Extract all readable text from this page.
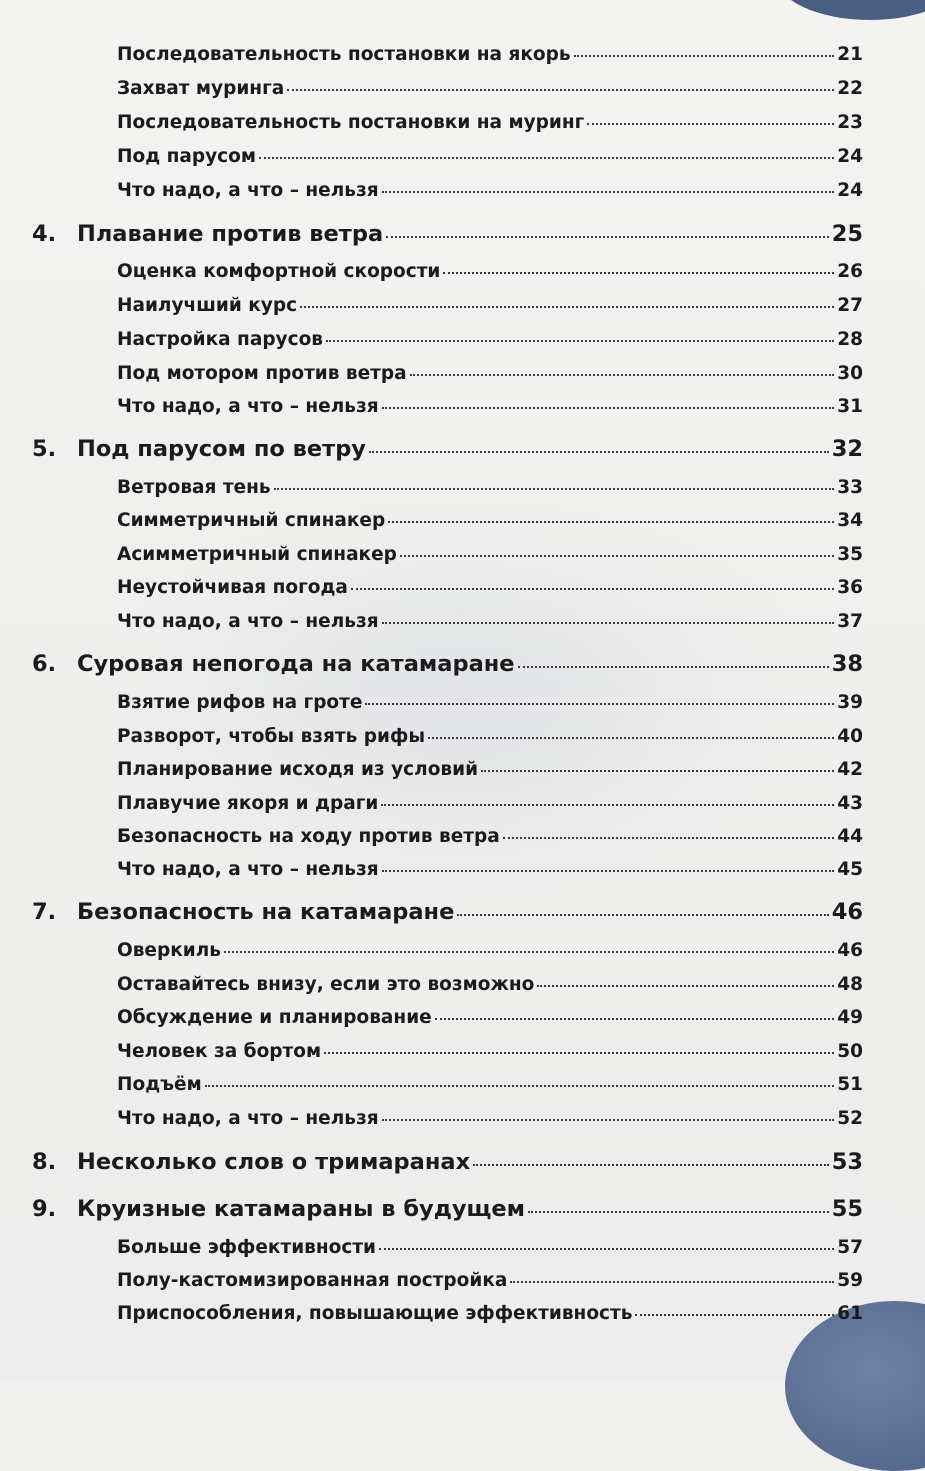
Последовательность постановки на якорь	21
Захват муринга	22
Последовательность постановки на муринг	23
Под парусом	24
Что надо, а что – нельзя	24
4. Плавание против ветра	25
Оценка комфортной скорости	26
Наилучший курс	27
Настройка парусов	28
Под мотором против ветра	30
Что надо, а что – нельзя	31
5. Под парусом по ветру	32
Ветровая тень	33
Симметричный спинакер	34
Асимметричный спинакер	35
Неустойчивая погода	36
Что надо, а что – нельзя	37
6. Суровая непогода на катамаране	38
Взятие рифов на гроте	39
Разворот, чтобы взять рифы	40
Планирование исходя из условий	42
Плавучие якоря и драги	43
Безопасность на ходу против ветра	44
Что надо, а что – нельзя	45
7. Безопасность на катамаране	46
Оверкиль	46
Оставайтесь внизу, если это возможно	48
Обсуждение и планирование	49
Человек за бортом	50
Подъём	51
Что надо, а что – нельзя	52
8. Несколько слов о тримаранах	53
9. Круизные катамараны в будущем	55
Больше эффективности	57
Полу-кастомизированная постройка	59
Приспособления, повышающие эффективность	61
